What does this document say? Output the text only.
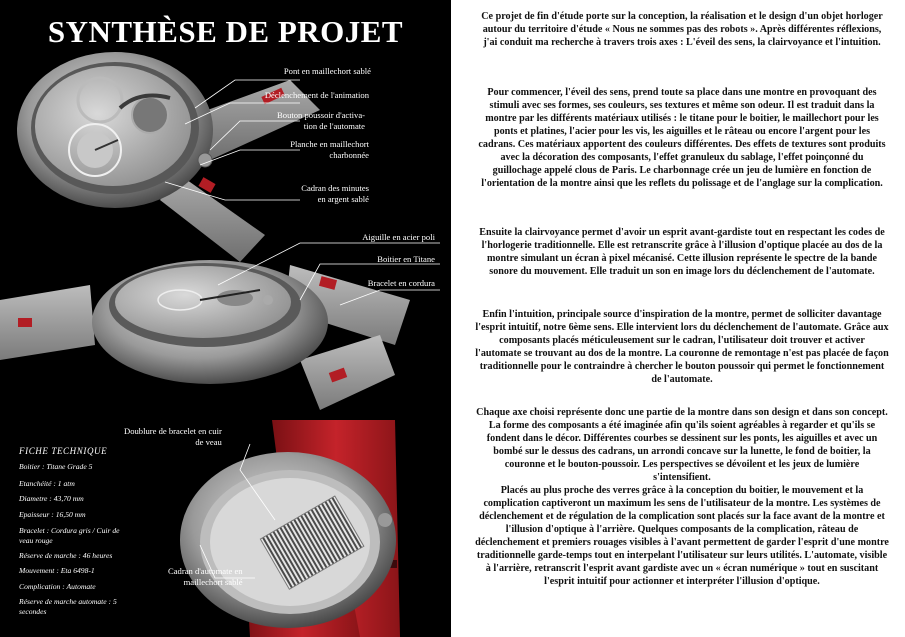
SYNTHÈSE DE PROJET
Pont en maillechort sablé
Déclenchement de l'animation
Bouton poussoir d'activa-
tion de l'automate
Planche en maillechort
charbonnée
Cadran des minutes
en argent sablé
Aiguille en acier poli
Boitier en Titane
Bracelet en cordura
Doublure de bracelet en cuir
de veau
Cadran d'automate en
maillechort sablé
FICHE TECHNIQUE
Boitier : Titane Grade 5
Etanchéité : 1 atm
Diametre : 43,70 mm
Epaisseur : 16,50 mm
Bracelet : Cordura gris / Cuir de
veau rouge
Réserve de marche : 46 heures
Mouvement : Eta 6498-1
Complication : Automate
Réserve de marche automate : 5
secondes

Ce projet de fin d'étude porte sur la conception, la réalisation et le design d'un objet horloger autour du territoire d'étude « Nous ne sommes pas des robots ». Après différentes réflexions, j'ai conduit ma recherche à travers trois axes : L'éveil des sens, la clairvoyance et l'intuition.

Pour commencer, l'éveil des sens, prend toute sa place dans une montre en provoquant des stimuli avec ses formes, ses couleurs, ses textures et même son odeur. Il est traduit dans la montre par les différents matériaux utilisés : le titane pour le boitier, le maillechort pour les ponts et platines, l'acier pour les vis, les aiguilles et le râteau ou encore l'argent pour les cadrans. Ces matériaux apportent des couleurs différentes. Des effets de textures sont produits avec la décoration des composants, l'effet granuleux du sablage, l'effet poinçonné du guillochage appelé clous de Paris. Le charbonnage crée un jeu de lumière en fonction de l'orientation de la montre ainsi que les reflets du polissage et de l'anglage sur la complication.

Ensuite la clairvoyance permet d'avoir un esprit avant-gardiste tout en respectant les codes de l'horlogerie traditionnelle. Elle est retranscrite grâce à l'illusion d'optique placée au dos de la montre simulant un écran à pixel mécanisé. Cette illusion représente le spectre de la bande sonore du mouvement. Elle traduit un son en image lors du déclenchement de l'automate.

Enfin l'intuition, principale source d'inspiration de la montre, permet de solliciter davantage l'esprit intuitif, notre 6ème sens. Elle intervient lors du déclenchement de l'automate. Grâce aux composants placés méticuleusement sur le cadran, l'utilisateur doit trouver et activer l'automate se trouvant au dos de la montre. La couronne de remontage n'est pas placée de façon traditionnelle pour le contraindre à chercher le bouton poussoir qui permet le fonctionnement de l'automate.

Chaque axe choisi représente donc une partie de la montre dans son design et dans son concept. La forme des composants a été imaginée afin qu'ils soient agréables à regarder et qu'ils se fondent dans le décor. Différentes courbes se dessinent sur les ponts, les aiguilles et avec un bombé sur le dessus des cadrans, un arrondi concave sur la lunette, le fond de boitier, la couronne et le bouton-poussoir. Les perspectives se dévoilent et les jeux de lumière s'intensifient.
Placés au plus proche des verres grâce à la conception du boitier, le mouvement et la complication captiveront un maximum les sens de l'utilisateur de la montre. Les systèmes de déclenchement et de régulation de la complication sont placés sur la face avant de la montre et l'illusion d'optique à l'arrière. Quelques composants de la complication, râteau de déclenchement et premiers rouages visibles à l'avant permettent de garder l'esprit d'une montre traditionnelle garde-temps tout en interpelant l'utilisateur sur leurs utilités. L'automate, visible à l'arrière, retranscrit l'esprit avant gardiste avec un « écran numérique » tout en suscitant l'esprit intuitif pour actionner et interpréter l'illusion d'optique.
